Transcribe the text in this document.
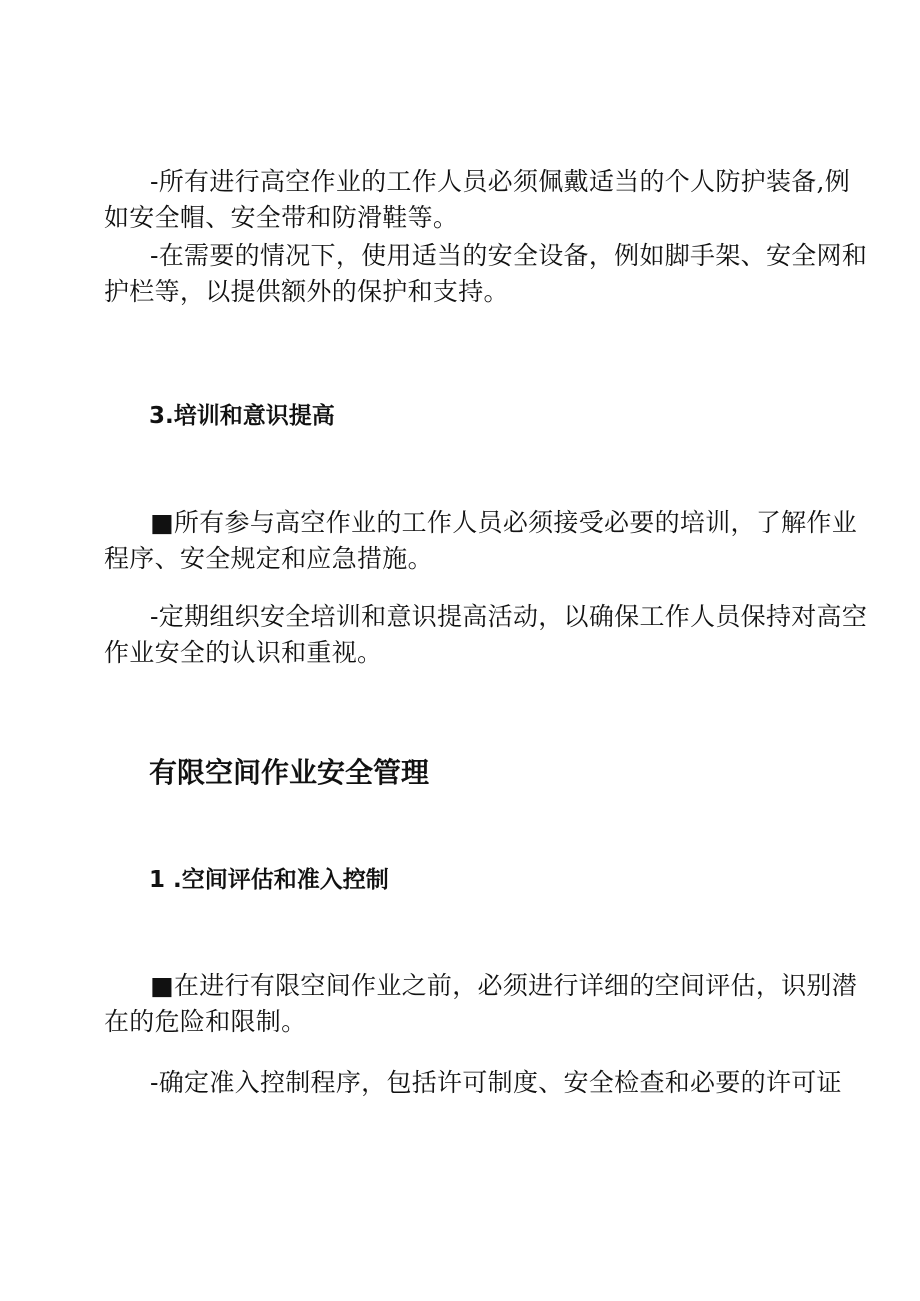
-所有进行高空作业的工作人员必须佩戴适当的个人防护装备,例
如安全帽、安全带和防滑鞋等。

-在需要的情况下，使用适当的安全设备，例如脚手架、安全网和
护栏等，以提供额外的保护和支持。

3.培训和意识提高

■所有参与高空作业的工作人员必须接受必要的培训，了解作业
程序、安全规定和应急措施。

-定期组织安全培训和意识提高活动，以确保工作人员保持对高空
作业安全的认识和重视。

有限空间作业安全管理
1 .空间评估和准入控制

■在进行有限空间作业之前，必须进行详细的空间评估，识别潜
在的危险和限制。

-确定准入控制程序，包括许可制度、安全检查和必要的许可证
